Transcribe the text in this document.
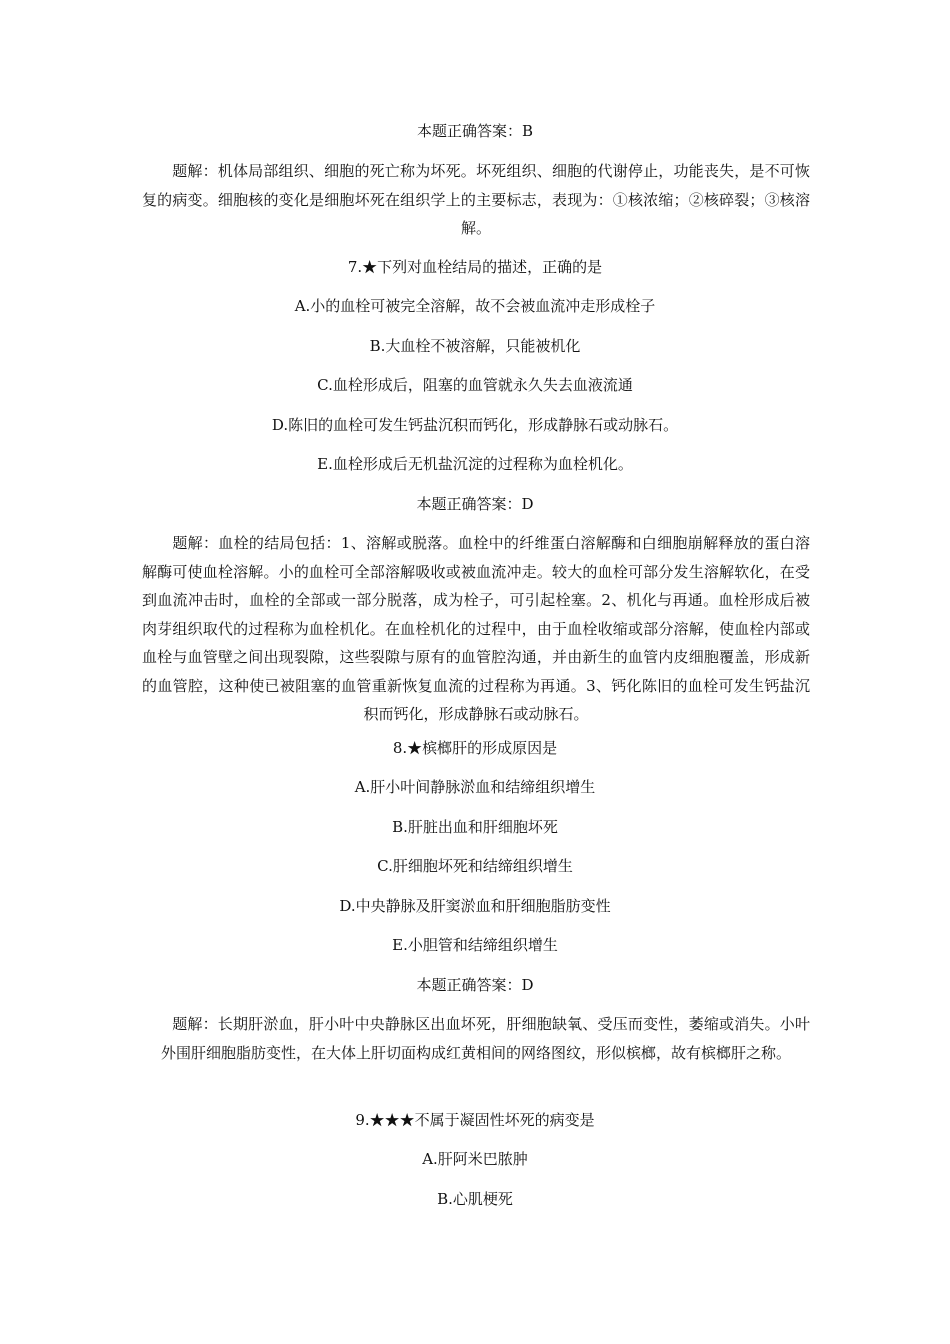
本题正确答案：B
题解：机体局部组织、细胞的死亡称为坏死。坏死组织、细胞的代谢停止，功能丧失，是不可恢复的病变。细胞核的变化是细胞坏死在组织学上的主要标志，表现为：①核浓缩；②核碎裂；③核溶解。
7.★下列对血栓结局的描述，正确的是
A.小的血栓可被完全溶解，故不会被血流冲走形成栓子
B.大血栓不被溶解，只能被机化
C.血栓形成后，阻塞的血管就永久失去血液流通
D.陈旧的血栓可发生钙盐沉积而钙化，形成静脉石或动脉石。
E.血栓形成后无机盐沉淀的过程称为血栓机化。
本题正确答案：D
题解：血栓的结局包括：1、溶解或脱落。血栓中的纤维蛋白溶解酶和白细胞崩解释放的蛋白溶解酶可使血栓溶解。小的血栓可全部溶解吸收或被血流冲走。较大的血栓可部分发生溶解软化，在受到血流冲击时，血栓的全部或一部分脱落，成为栓子，可引起栓塞。2、机化与再通。血栓形成后被肉芽组织取代的过程称为血栓机化。在血栓机化的过程中，由于血栓收缩或部分溶解，使血栓内部或血栓与血管壁之间出现裂隙，这些裂隙与原有的血管腔沟通，并由新生的血管内皮细胞覆盖，形成新的血管腔，这种使已被阻塞的血管重新恢复血流的过程称为再通。3、钙化陈旧的血栓可发生钙盐沉积而钙化，形成静脉石或动脉石。
8.★槟榔肝的形成原因是
A.肝小叶间静脉淤血和结缔组织增生
B.肝脏出血和肝细胞坏死
C.肝细胞坏死和结缔组织增生
D.中央静脉及肝窦淤血和肝细胞脂肪变性
E.小胆管和结缔组织增生
本题正确答案：D
题解：长期肝淤血，肝小叶中央静脉区出血坏死，肝细胞缺氧、受压而变性，萎缩或消失。小叶外围肝细胞脂肪变性，在大体上肝切面构成红黄相间的网络图纹，形似槟榔，故有槟榔肝之称。
9.★★★不属于凝固性坏死的病变是
A.肝阿米巴脓肿
B.心肌梗死
